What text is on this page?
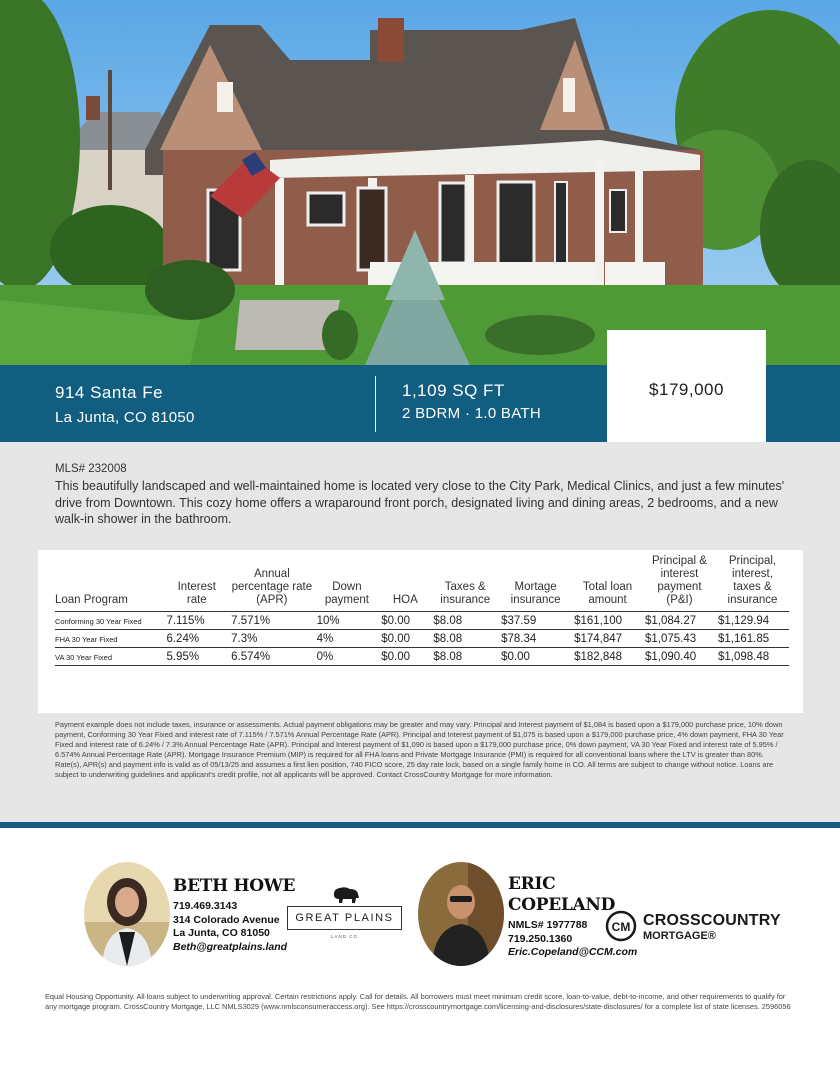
914 Santa Fe
La Junta, CO 81050
1,109 SQ FT
2 BDRM · 1.0 BATH
$179,000
MLS# 232008
This beautifully landscaped and well-maintained home is located very close to the City Park, Medical Clinics, and just a few minutes' drive from Downtown. This cozy home offers a wraparound front porch, designated living and dining areas, 2 bedrooms, and a new walk-in shower in the bathroom.
Loan Program	Interest rate	Annual percentage rate (APR)	Down payment	HOA	Taxes & insurance	Mortage insurance	Total loan amount	Principal & interest payment (P&I)	Principal, interest, taxes & insurance
Conforming 30 Year Fixed	7.115%	7.571%	10%	$0.00	$8.08	$37.59	$161,100	$1,084.27	$1,129.94
FHA 30 Year Fixed	6.24%	7.3%	4%	$0.00	$8.08	$78.34	$174,847	$1,075.43	$1,161.85
VA 30 Year Fixed	5.95%	6.574%	0%	$0.00	$8.08	$0.00	$182,848	$1,090.40	$1,098.48
Payment example does not include taxes, insurance or assessments. Actual payment obligations may be greater and may vary. Principal and Interest payment of $1,084 is based upon a $179,000 purchase price, 10% down payment, Conforming 30 Year Fixed and interest rate of 7.115% / 7.571% Annual Percentage Rate (APR). Principal and Interest payment of $1,075 is based upon a $179,000 purchase price, 4% down payment, FHA 30 Year Fixed and interest rate of 6.24% / 7.3% Annual Percentage Rate (APR). Principal and Interest payment of $1,090 is based upon a $179,000 purchase price, 0% down payment, VA 30 Year Fixed and interest rate of 5.95% / 6.574% Annual Percentage Rate (APR). Mortgage Insurance Premium (MIP) is required for all FHA loans and Private Mortgage Insurance (PMI) is required for all conventional loans where the LTV is greater than 80%. Rate(s), APR(s) and payment info is valid as of 05/13/25 and assumes a first lien position, 740 FICO score, 25 day rate lock, based on a single family home in CO. All terms are subject to change without notice. Loans are subject to underwriting guidelines and applicant's credit profile, not all applicants will be approved. Contact CrossCountry Mortgage for more information.
BETH HOWE
719.469.3143
314 Colorado Avenue
La Junta, CO 81050
Beth@greatplains.land
GREAT PLAINS
LAND CO
ERIC
COPELAND
NMLS# 1977788
719.250.1360
Eric.Copeland@CCM.com
CM CROSSCOUNTRY
MORTGAGE®
Equal Housing Opportunity. All loans subject to underwriting approval. Certain restrictions apply. Call for details. All borrowers must meet minimum credit score, loan-to-value, debt-to-income, and other requirements to qualify for any mortgage program. CrossCountry Mortgage, LLC NMLS3029 (www.nmlsconsumeraccess.org). See https://crosscountrymortgage.com/licensing-and-disclosures/state-disclosures/ for a complete list of state licenses. 2596056
